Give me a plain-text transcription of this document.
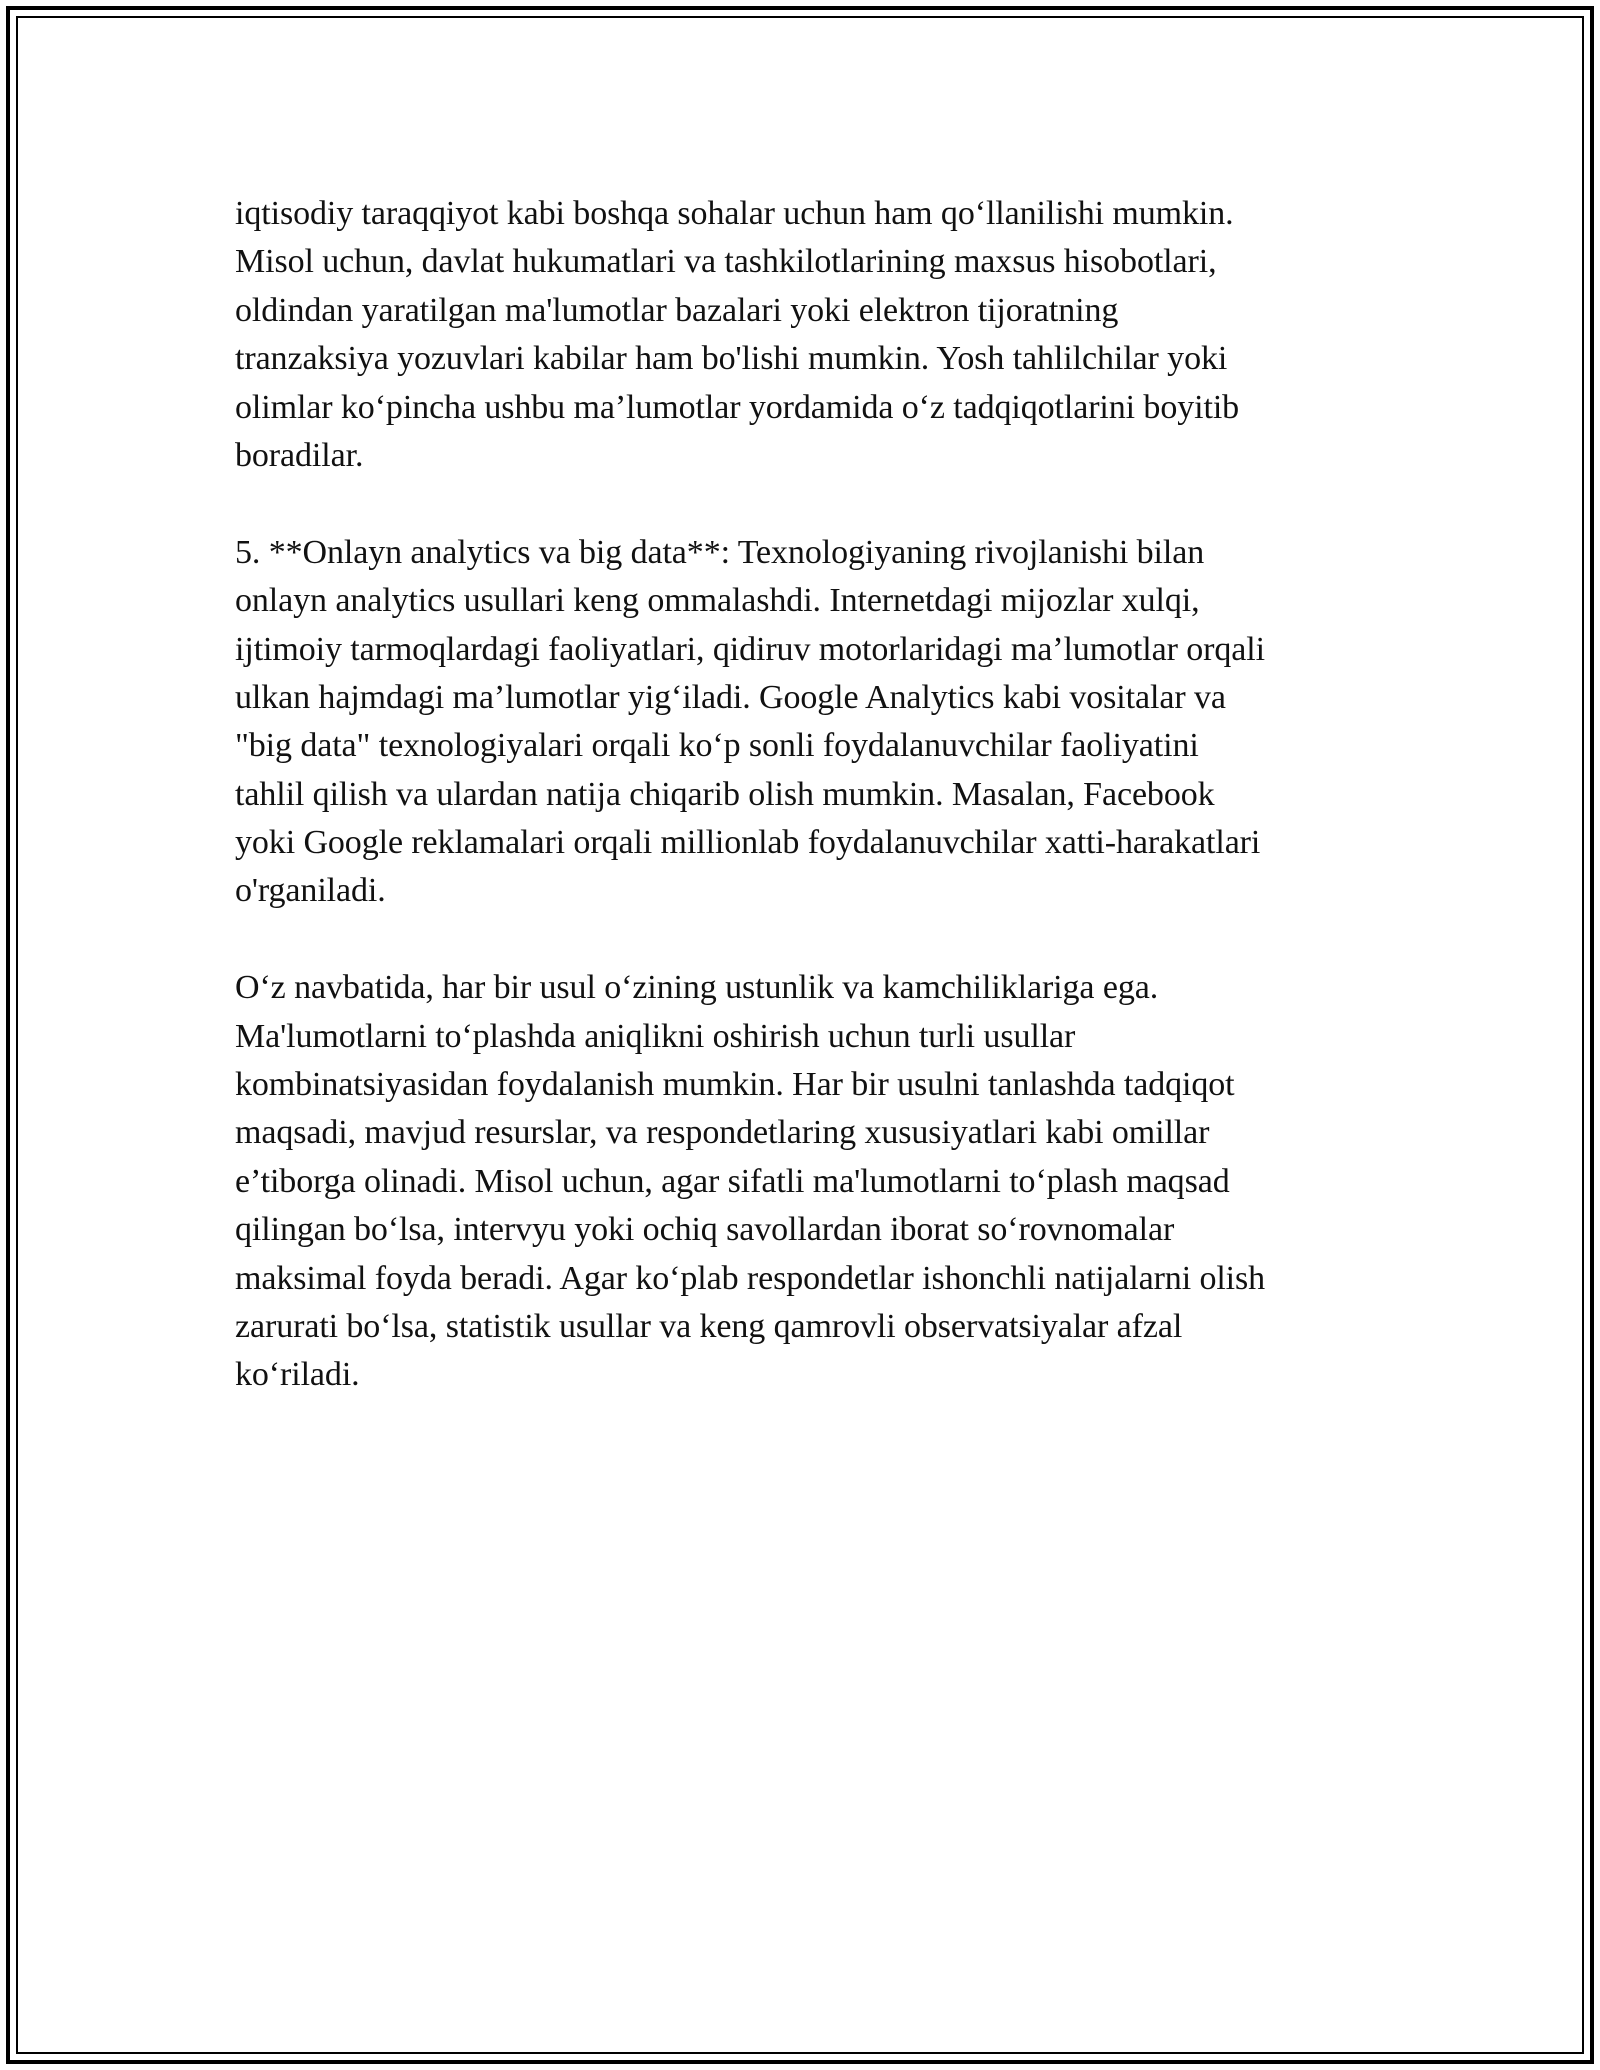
iqtisodiy taraqqiyot kabi boshqa sohalar uchun ham qo‘llanilishi mumkin.
Misol uchun, davlat hukumatlari va tashkilotlarining maxsus hisobotlari,
oldindan yaratilgan ma'lumotlar bazalari yoki elektron tijoratning
tranzaksiya yozuvlari kabilar ham bo'lishi mumkin. Yosh tahlilchilar yoki
olimlar ko‘pincha ushbu ma’lumotlar yordamida o‘z tadqiqotlarini boyitib
boradilar.
5. **Onlayn analytics va big data**: Texnologiyaning rivojlanishi bilan
onlayn analytics usullari keng ommalashdi. Internetdagi mijozlar xulqi,
ijtimoiy tarmoqlardagi faoliyatlari, qidiruv motorlaridagi ma’lumotlar orqali
ulkan hajmdagi ma’lumotlar yig‘iladi. Google Analytics kabi vositalar va
"big data" texnologiyalari orqali ko‘p sonli foydalanuvchilar faoliyatini
tahlil qilish va ulardan natija chiqarib olish mumkin. Masalan, Facebook
yoki Google reklamalari orqali millionlab foydalanuvchilar xatti-harakatlari
o'rganiladi.
O‘z navbatida, har bir usul o‘zining ustunlik va kamchiliklariga ega.
Ma'lumotlarni to‘plashda aniqlikni oshirish uchun turli usullar
kombinatsiyasidan foydalanish mumkin. Har bir usulni tanlashda tadqiqot
maqsadi, mavjud resurslar, va respondetlaring xususiyatlari kabi omillar
e’tiborga olinadi. Misol uchun, agar sifatli ma'lumotlarni to‘plash maqsad
qilingan bo‘lsa, intervyu yoki ochiq savollardan iborat so‘rovnomalar
maksimal foyda beradi. Agar ko‘plab respondetlar ishonchli natijalarni olish
zarurati bo‘lsa, statistik usullar va keng qamrovli observatsiyalar afzal
ko‘riladi.
